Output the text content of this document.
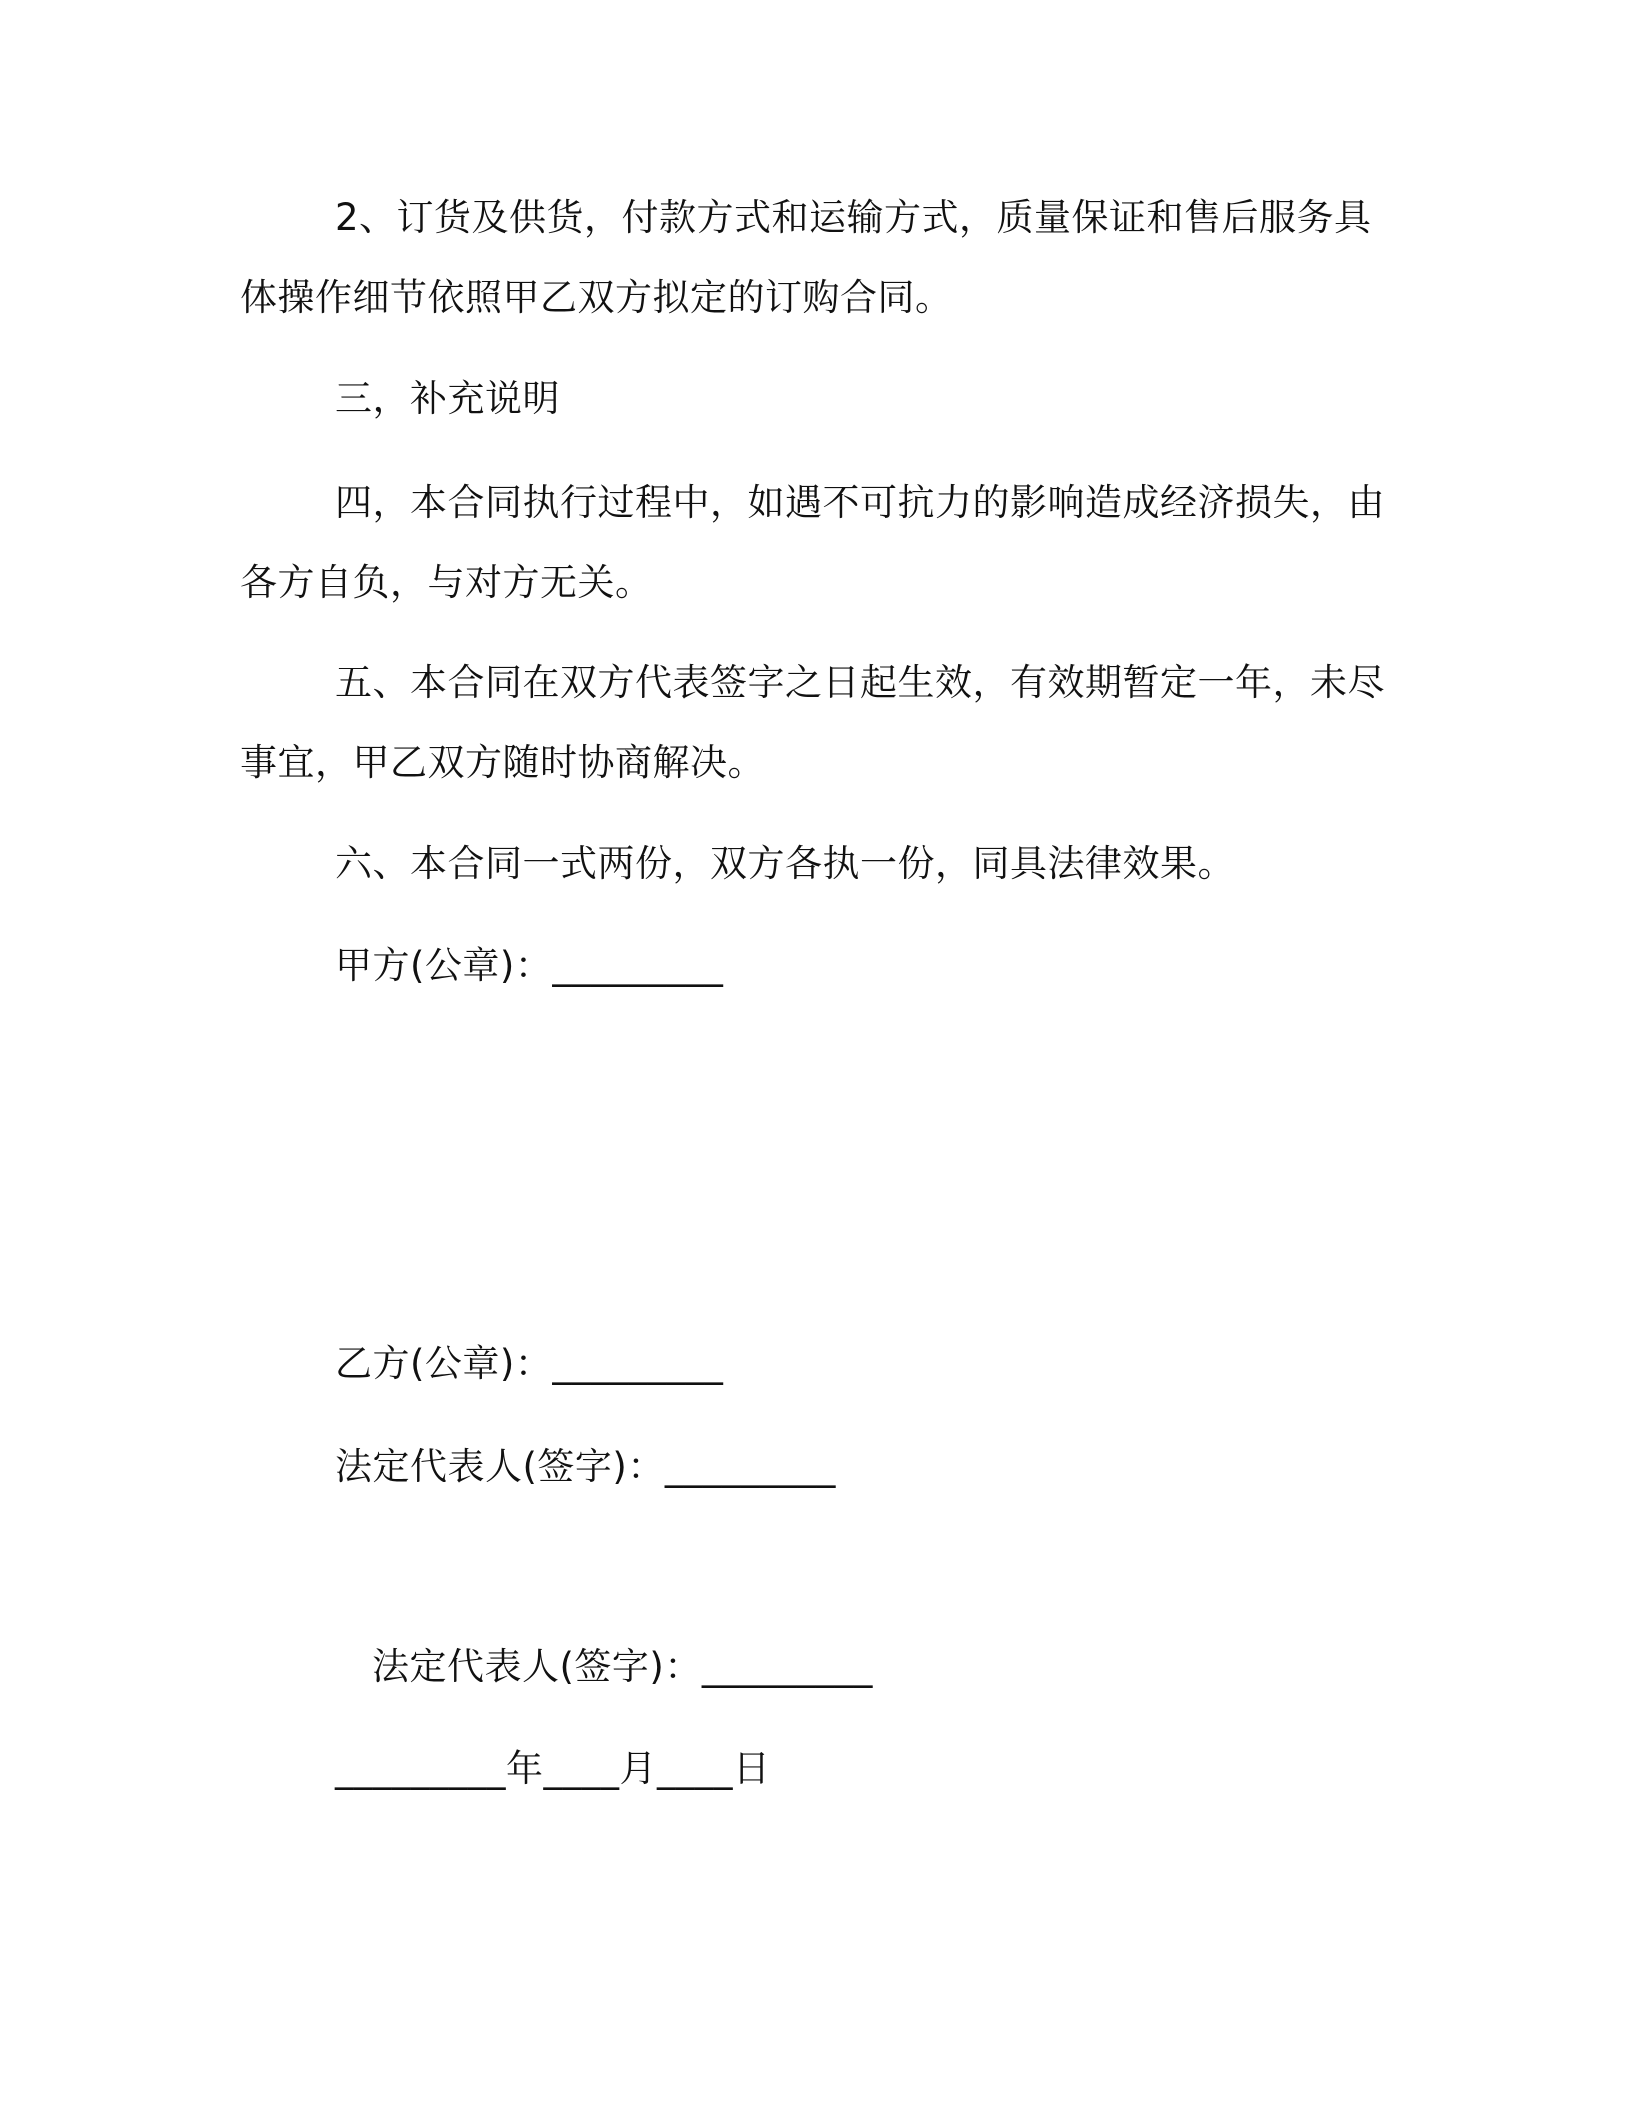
2、订货及供货，付款方式和运输方式，质量保证和售后服务具体操作细节依照甲乙双方拟定的订购合同。

三，补充说明

四，本合同执行过程中，如遇不可抗力的影响造成经济损失，由各方自负，与对方无关。

五、本合同在双方代表签字之日起生效，有效期暂定一年，未尽事宜，甲乙双方随时协商解决。

六、本合同一式两份，双方各执一份，同具法律效果。

甲方(公章)：_________

乙方(公章)：_________

法定代表人(签字)：_________

法定代表人(签字)：_________

_________年____月____日
